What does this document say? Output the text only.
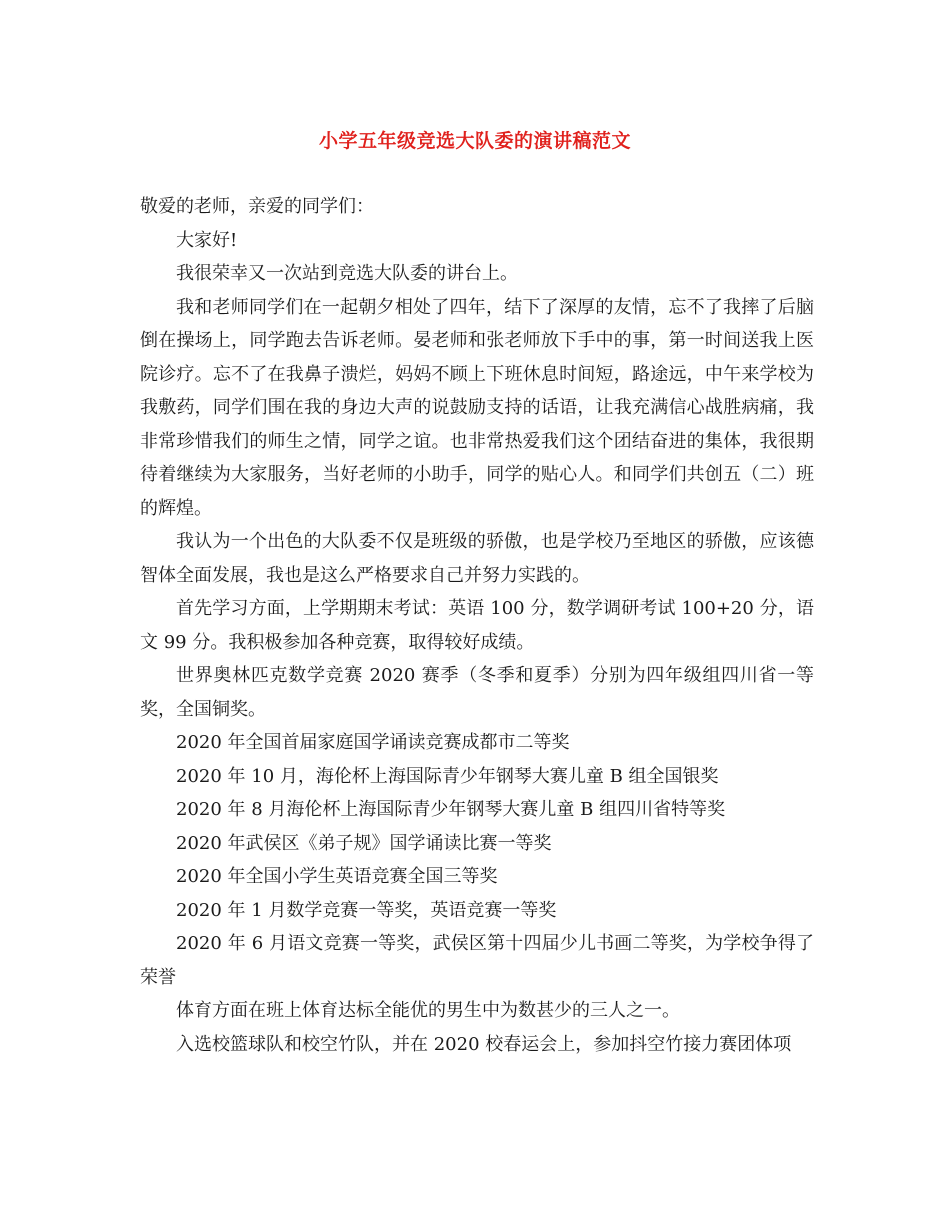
小学五年级竞选大队委的演讲稿范文

敬爱的老师，亲爱的同学们：

大家好!

我很荣幸又一次站到竞选大队委的讲台上。

我和老师同学们在一起朝夕相处了四年，结下了深厚的友情，忘不了我摔了后脑倒在操场上，同学跑去告诉老师。晏老师和张老师放下手中的事，第一时间送我上医院诊疗。忘不了在我鼻子溃烂，妈妈不顾上下班休息时间短，路途远，中午来学校为我敷药，同学们围在我的身边大声的说鼓励支持的话语，让我充满信心战胜病痛，我非常珍惜我们的师生之情，同学之谊。也非常热爱我们这个团结奋进的集体，我很期待着继续为大家服务，当好老师的小助手，同学的贴心人。和同学们共创五（二）班的辉煌。

我认为一个出色的大队委不仅是班级的骄傲，也是学校乃至地区的骄傲，应该德智体全面发展，我也是这么严格要求自己并努力实践的。

首先学习方面，上学期期末考试：英语 100 分，数学调研考试 100+20 分，语文 99 分。我积极参加各种竞赛，取得较好成绩。

世界奥林匹克数学竞赛 2020 赛季（冬季和夏季）分别为四年级组四川省一等奖，全国铜奖。

2020 年全国首届家庭国学诵读竞赛成都市二等奖

2020 年 10 月，海伦杯上海国际青少年钢琴大赛儿童 B 组全国银奖

2020 年 8 月海伦杯上海国际青少年钢琴大赛儿童 B 组四川省特等奖

2020 年武侯区《弟子规》国学诵读比赛一等奖

2020 年全国小学生英语竞赛全国三等奖

2020 年 1 月数学竞赛一等奖，英语竞赛一等奖

2020 年 6 月语文竞赛一等奖，武侯区第十四届少儿书画二等奖，为学校争得了荣誉

体育方面在班上体育达标全能优的男生中为数甚少的三人之一。

入选校篮球队和校空竹队，并在 2020 校春运会上，参加抖空竹接力赛团体项
